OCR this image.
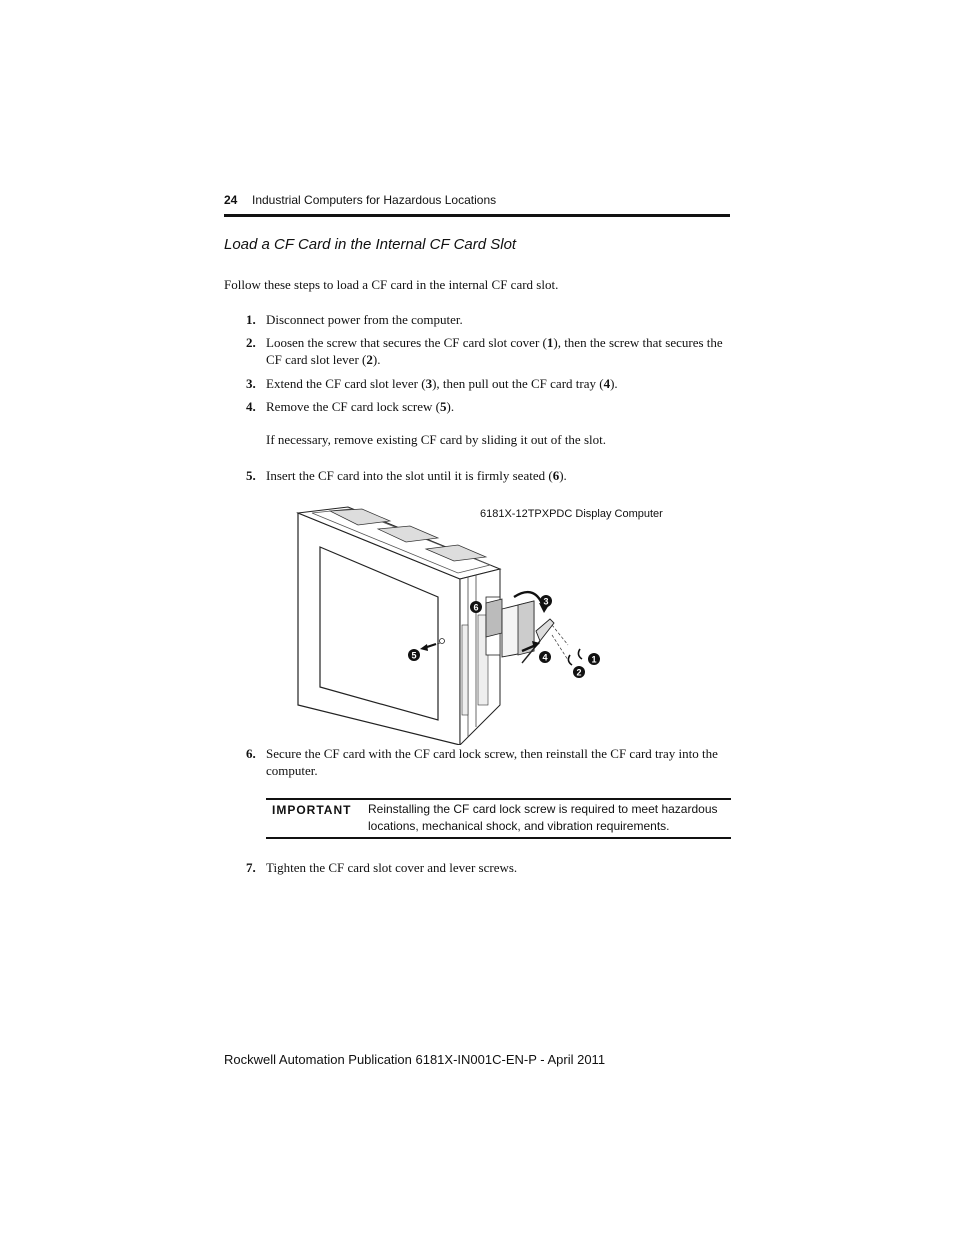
24 Industrial Computers for Hazardous Locations
Load a CF Card in the Internal CF Card Slot
Follow these steps to load a CF card in the internal CF card slot.
1. Disconnect power from the computer.
2. Loosen the screw that secures the CF card slot cover (1), then the screw that secures the CF card slot lever (2).
3. Extend the CF card slot lever (3), then pull out the CF card tray (4).
4. Remove the CF card lock screw (5).
If necessary, remove existing CF card by sliding it out of the slot.
5. Insert the CF card into the slot until it is firmly seated (6).
6
3
4	1
2
5
6181X-12TPXPDC Display Computer
6. Secure the CF card with the CF card lock screw, then reinstall the CF card tray into the computer.
IMPORTANT Reinstalling the CF card lock screw is required to meet hazardous locations, mechanical shock, and vibration requirements.
7. Tighten the CF card slot cover and lever screws.
Rockwell Automation Publication 6181X-IN001C-EN-P - April 2011
